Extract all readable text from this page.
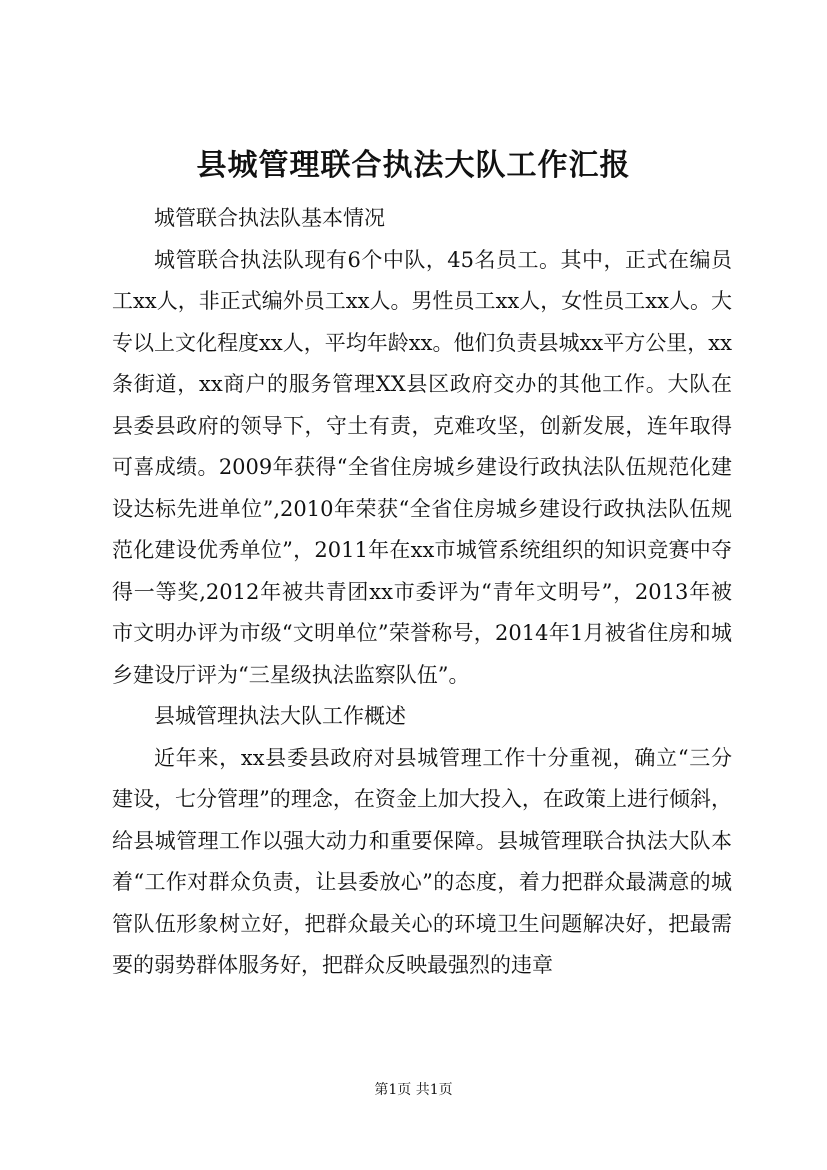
县城管理联合执法大队工作汇报

城管联合执法队基本情况

城管联合执法队现有6个中队，45名员工。其中，正式在编员工xx人，非正式编外员工xx人。男性员工xx人，女性员工xx人。大专以上文化程度xx人，平均年龄xx。他们负责县城xx平方公里，xx条街道，xx商户的服务管理XX县区政府交办的其他工作。大队在县委县政府的领导下，守土有责，克难攻坚，创新发展，连年取得可喜成绩。2009年获得“全省住房城乡建设行政执法队伍规范化建设达标先进单位”,2010年荣获“全省住房城乡建设行政执法队伍规范化建设优秀单位”，2011年在xx市城管系统组织的知识竞赛中夺得一等奖,2012年被共青团xx市委评为“青年文明号”，2013年被市文明办评为市级“文明单位”荣誉称号，2014年1月被省住房和城乡建设厅评为“三星级执法监察队伍”。

县城管理执法大队工作概述

近年来，xx县委县政府对县城管理工作十分重视，确立“三分建设，七分管理”的理念，在资金上加大投入，在政策上进行倾斜，给县城管理工作以强大动力和重要保障。县城管理联合执法大队本着“工作对群众负责，让县委放心”的态度，着力把群众最满意的城管队伍形象树立好，把群众最关心的环境卫生问题解决好，把最需要的弱势群体服务好，把群众反映最强烈的违章

第1页 共1页
